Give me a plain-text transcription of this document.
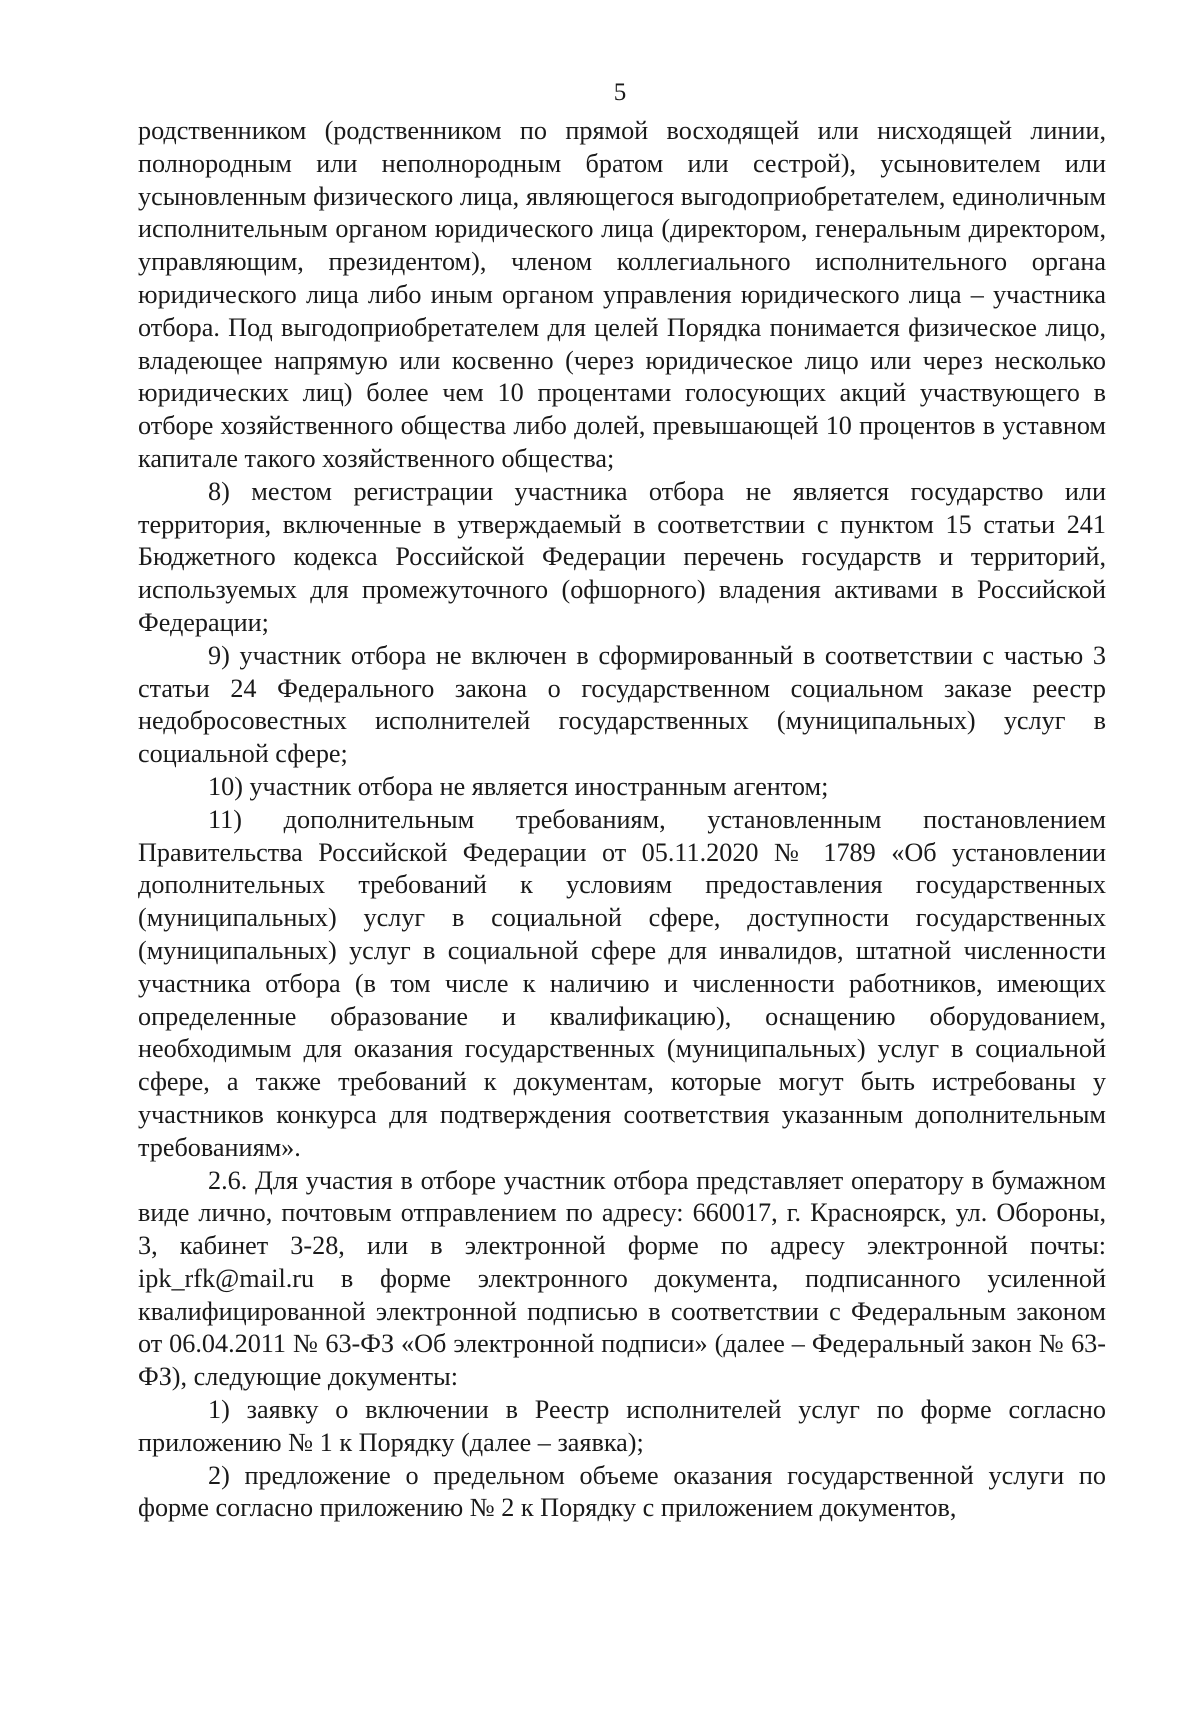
5

родственником (родственником по прямой восходящей или нисходящей линии, полнородным или неполнородным братом или сестрой), усыновителем или усыновленным физического лица, являющегося выгодоприобретателем, единоличным исполнительным органом юридического лица (директором, генеральным директором, управляющим, президентом), членом коллегиального исполнительного органа юридического лица либо иным органом управления юридического лица – участника отбора. Под выгодоприобретателем для целей Порядка понимается физическое лицо, владеющее напрямую или косвенно (через юридическое лицо или через несколько юридических лиц) более чем 10 процентами голосующих акций участвующего в отборе хозяйственного общества либо долей, превышающей 10 процентов в уставном капитале такого хозяйственного общества;

8) местом регистрации участника отбора не является государство или территория, включенные в утверждаемый в соответствии с пунктом 15 статьи 241 Бюджетного кодекса Российской Федерации перечень государств и территорий, используемых для промежуточного (офшорного) владения активами в Российской Федерации;

9) участник отбора не включен в сформированный в соответствии с частью 3 статьи 24 Федерального закона о государственном социальном заказе реестр недобросовестных исполнителей государственных (муниципальных) услуг в социальной сфере;

10) участник отбора не является иностранным агентом;

11) дополнительным требованиям, установленным постановлением Правительства Российской Федерации от 05.11.2020 № 1789 «Об установлении дополнительных требований к условиям предоставления государственных (муниципальных) услуг в социальной сфере, доступности государственных (муниципальных) услуг в социальной сфере для инвалидов, штатной численности участника отбора (в том числе к наличию и численности работников, имеющих определенные образование и квалификацию), оснащению оборудованием, необходимым для оказания государственных (муниципальных) услуг в социальной сфере, а также требований к документам, которые могут быть истребованы у участников конкурса для подтверждения соответствия указанным дополнительным требованиям».

2.6. Для участия в отборе участник отбора представляет оператору в бумажном виде лично, почтовым отправлением по адресу: 660017, г. Красноярск, ул. Обороны, 3, кабинет 3-28, или в электронной форме по адресу электронной почты: ipk_rfk@mail.ru в форме электронного документа, подписанного усиленной квалифицированной электронной подписью в соответствии с Федеральным законом от 06.04.2011 № 63-ФЗ «Об электронной подписи» (далее – Федеральный закон № 63-ФЗ), следующие документы:

1) заявку о включении в Реестр исполнителей услуг по форме согласно приложению № 1 к Порядку (далее – заявка);

2) предложение о предельном объеме оказания государственной услуги по форме согласно приложению № 2 к Порядку с приложением документов,
